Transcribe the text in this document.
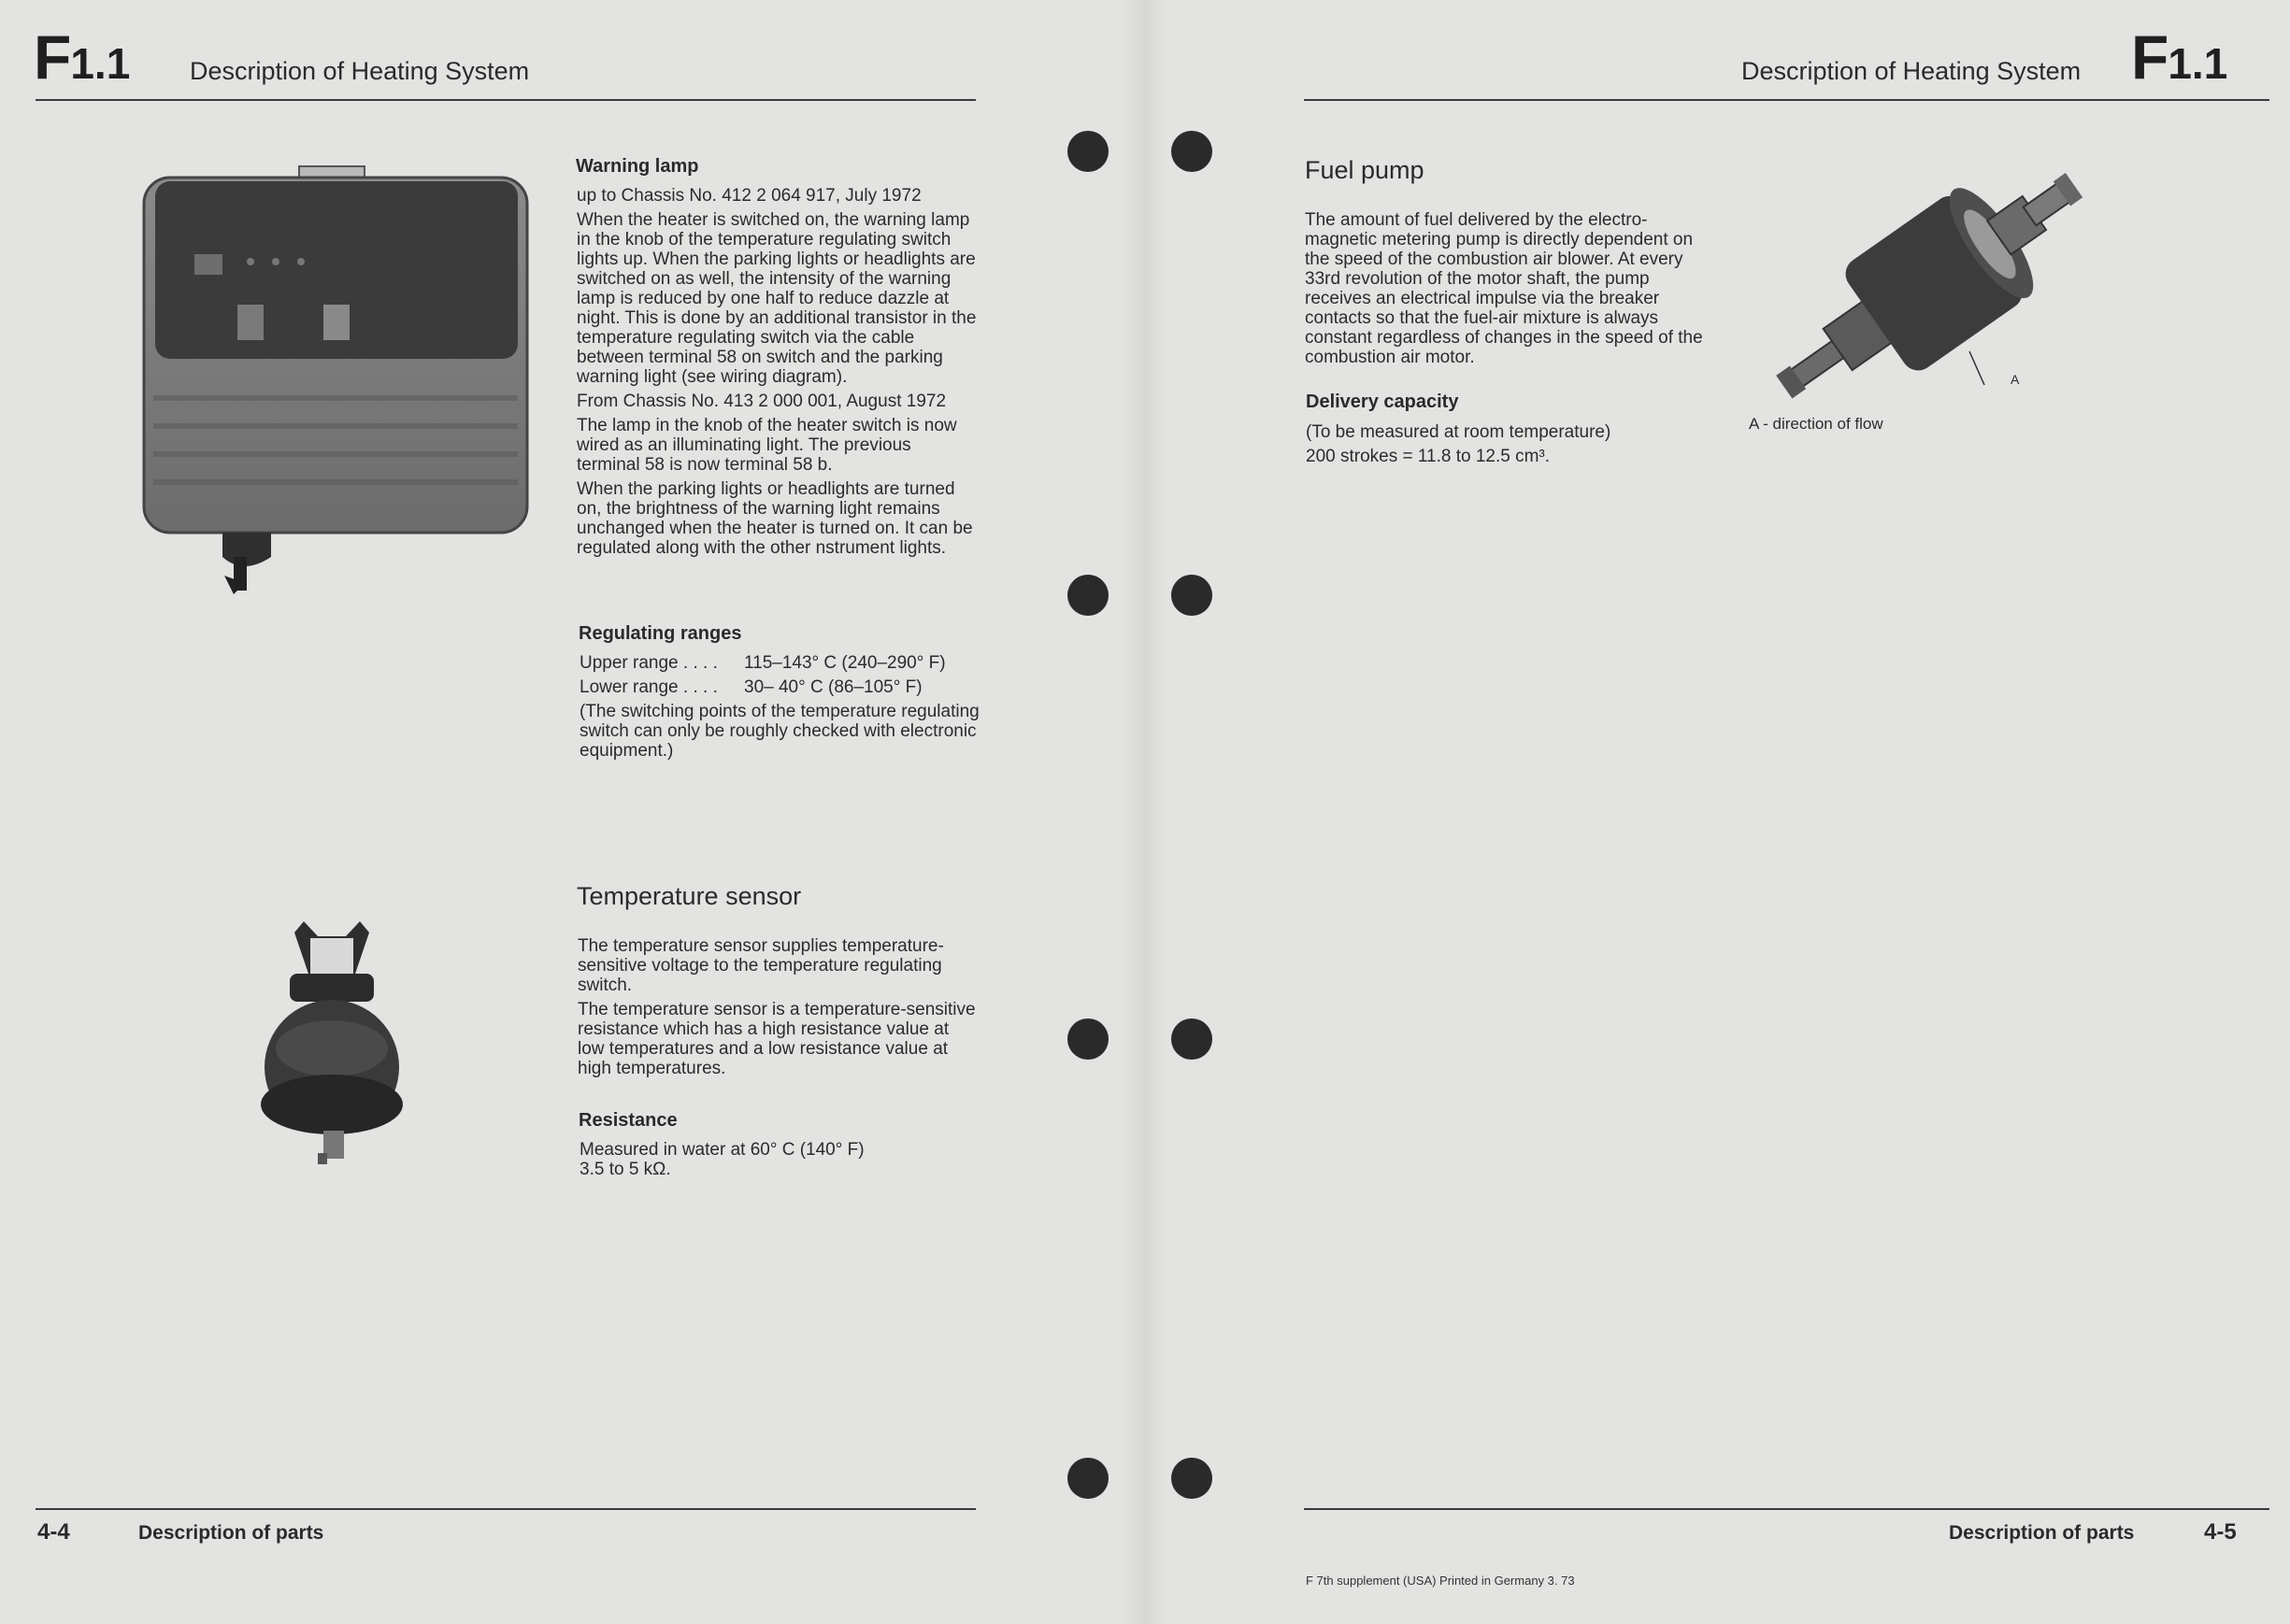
F1.1 Description of Heating System
Warning lamp

up to Chassis No. 412 2 064 917, July 1972

When the heater is switched on, the warning lamp in the knob of the temperature regulating switch lights up. When the parking lights or headlights are switched on as well, the intensity of the warning lamp is reduced by one half to reduce dazzle at night. This is done by an additional transistor in the temperature regulating switch via the cable between terminal 58 on switch and the parking warning light (see wiring diagram).

From Chassis No. 413 2 000 001, August 1972

The lamp in the knob of the heater switch is now wired as an illuminating light. The previous terminal 58 is now terminal 58 b.

When the parking lights or headlights are turned on, the brightness of the warning light remains unchanged when the heater is turned on. It can be regulated along with the other nstrument lights.

Regulating ranges
Upper range . . . .	115–143° C (240–290° F)
Lower range . . . .	30– 40° C (86–105° F)

(The switching points of the temperature regulating switch can only be roughly checked with electronic equipment.)

Temperature sensor

The temperature sensor supplies temperature-sensitive voltage to the temperature regulating switch.

The temperature sensor is a temperature-sensitive resistance which has a high resistance value at low temperatures and a low resistance value at high temperatures.

Resistance
Measured in water at 60° C (140° F)
3.5 to 5 kΩ.
4-4	Description of parts
Description of Heating System F1.1
Fuel pump

The amount of fuel delivered by the electro-magnetic metering pump is directly dependent on the speed of the combustion air blower. At every 33rd revolution of the motor shaft, the pump receives an electrical impulse via the breaker contacts so that the fuel-air mixture is always constant regardless of changes in the speed of the combustion air motor.

Delivery capacity
(To be measured at room temperature)
200 strokes = 11.8 to 12.5 cm³.
A
A - direction of flow
Description of parts	4-5
F 7th supplement (USA) Printed in Germany 3. 73
